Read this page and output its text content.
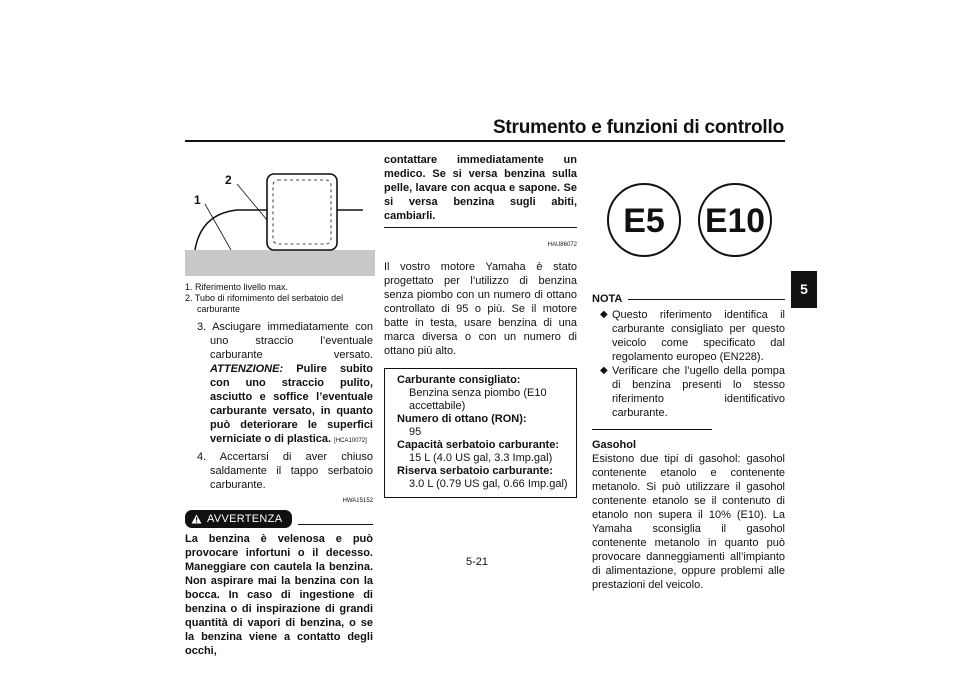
Strumento e funzioni di controllo
5
1
2
1. Riferimento livello max.
2. Tubo di rifornimento del serbatoio del carburante
3. Asciugare immediatamente con uno straccio l’eventuale carburante versato. ATTENZIONE: Pulire subito con uno straccio pulito, asciutto e soffice l’eventuale carburante versato, in quanto può deteriorare le superfici verniciate o di plastica. [HCA10072]
4. Accertarsi di aver chiuso saldamente il tappo serbatoio carburante.
HWA15152
AVVERTENZA
La benzina è velenosa e può provocare infortuni o il decesso. Maneggiare con cautela la benzina. Non aspirare mai la benzina con la bocca. In caso di ingestione di benzina o di inspirazione di grandi quantità di vapori di benzina, o se la benzina viene a contatto degli occhi,
contattare immediatamente un medico. Se si versa benzina sulla pelle, lavare con acqua e sapone. Se si versa benzina sugli abiti, cambiarli.
HAU86072
Il vostro motore Yamaha è stato progettato per l’utilizzo di benzina senza piombo con un numero di ottano controllato di 95 o più. Se il motore batte in testa, usare benzina di una marca diversa o con un numero di ottano più alto.
Carburante consigliato:
Benzina senza piombo (E10 accettabile)
Numero di ottano (RON):
95
Capacità serbatoio carburante:
15 L (4.0 US gal, 3.3 Imp.gal)
Riserva serbatoio carburante:
3.0 L (0.79 US gal, 0.66 Imp.gal)
E5 E10
NOTA
◆ Questo riferimento identifica il carburante consigliato per questo veicolo come specificato dal regolamento europeo (EN228).
◆ Verificare che l’ugello della pompa di benzina presenti lo stesso riferimento identificativo carburante.
Gasohol
Esistono due tipi di gasohol: gasohol contenente etanolo e contenente metanolo. Si può utilizzare il gasohol contenente etanolo se il contenuto di etanolo non supera il 10% (E10). La Yamaha sconsiglia il gasohol contenente metanolo in quanto può provocare danneggiamenti all’impianto di alimentazione, oppure problemi alle prestazioni del veicolo.
5-21
